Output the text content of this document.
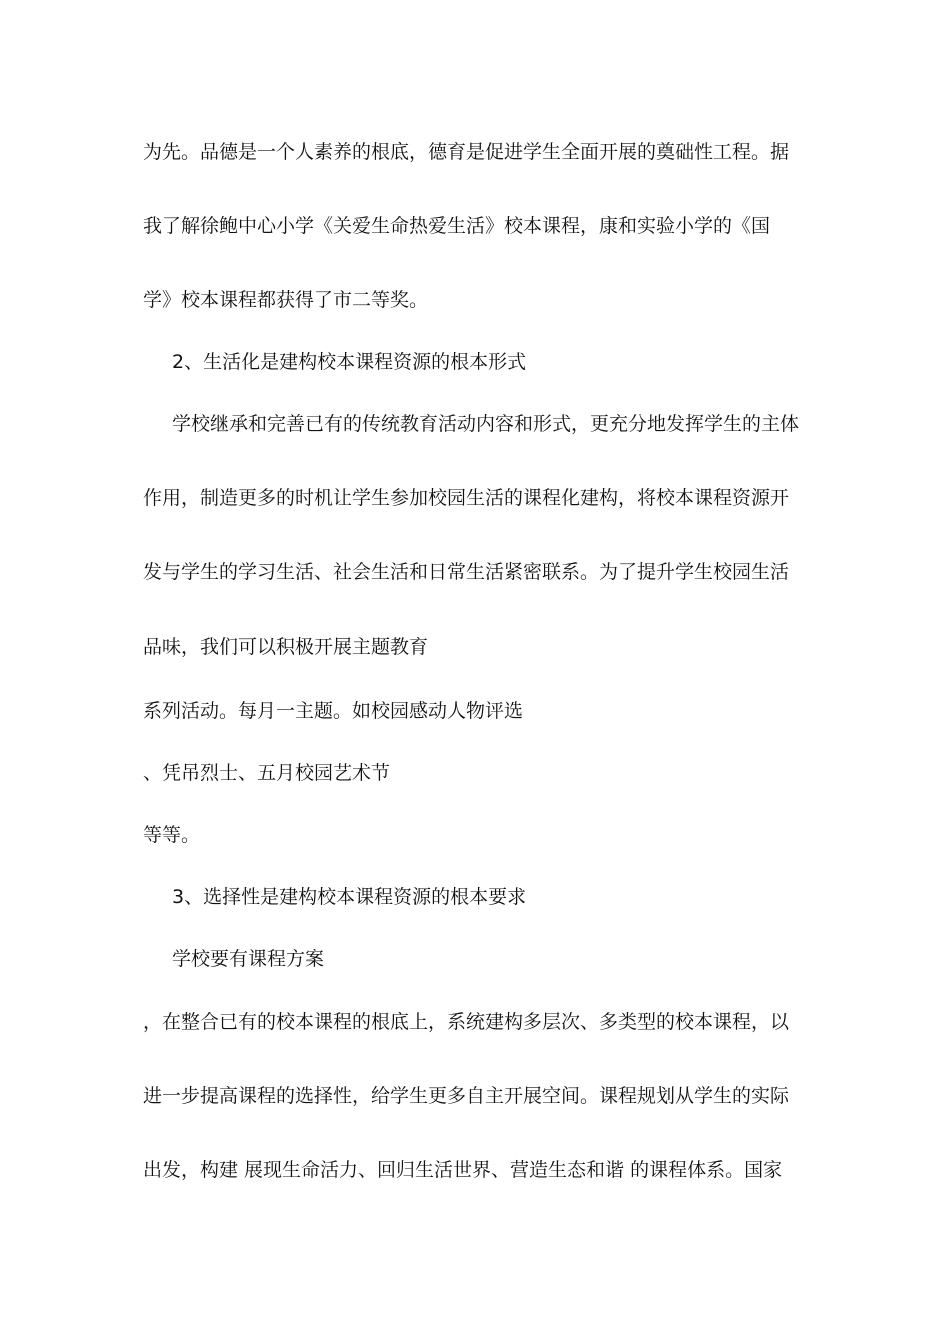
为先。品德是一个人素养的根底，德育是促进学生全面开展的奠础性工程。据
我了解徐鲍中心小学《关爱生命热爱生活》校本课程，康和实验小学的《国
学》校本课程都获得了市二等奖。
2、生活化是建构校本课程资源的根本形式
学校继承和完善已有的传统教育活动内容和形式，更充分地发挥学生的主体
作用，制造更多的时机让学生参加校园生活的课程化建构，将校本课程资源开
发与学生的学习生活、社会生活和日常生活紧密联系。为了提升学生校园生活
品味，我们可以积极开展主题教育
系列活动。每月一主题。如校园感动人物评选
、凭吊烈士、五月校园艺术节
等等。
3、选择性是建构校本课程资源的根本要求
学校要有课程方案
，在整合已有的校本课程的根底上，系统建构多层次、多类型的校本课程，以
进一步提高课程的选择性，给学生更多自主开展空间。课程规划从学生的实际
出发，构建 展现生命活力、回归生活世界、营造生态和谐 的课程体系。国家
